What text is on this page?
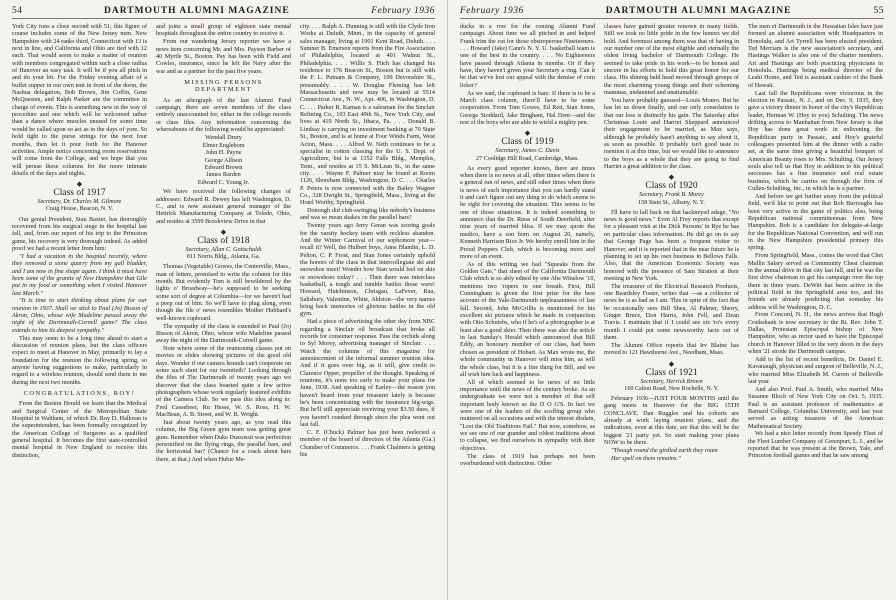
54	DARTMOUTH ALUMNI MAGAZINE	February 1936

York City runs a close second with 51; this figure of course includes some of the New Jersey men. New Hampshire with 24 ranks third, Connecticut with 13 is next in line, and California and Ohio are tied with 12 each. That would seem to make a matter of reunion with members congregated within such a close radius of Hanover an easy task. It will be if you all pitch in and do your bit. For the Friday evening affair of a buffet supper in our own tent in front of the dorm, the Nashua delegation, Bob Brown, Jim Coffin, Gene McQuesten, and Ralph Parker are the committee in charge of events. This is something new in the way of procedure and one which will be welcomed rather than a dance where muscles unused for some time would be called upon so act as in the days of yore. So hold tight to the purse strings for the next four months, then let it pour forth for the Hanover activities. Ample notice concerning room reservations will come from the College, and we hope that you will peruse these columns for the more intimate details of the days and nights.

◆
Class of 1917
Secretary, Dr. Charles M. Gilmore
Craig House, Beacon, N. Y.

Our genial President, Stan Baxter, has thoroughly recovered from his surgical siege in the hospital last fall, and, from our report of his trip to the Princeton game, his recovery is very thorough indeed. As added proof we had a recent letter from him:

"I had a vacation in the hospital recently, where they removed a stone quarry from my gall bladder, and I am now in fine shape again. I think it must have been some of the granite of New Hampshire that Gile put in my food or something when I visited Hanover last March."

"It is time to start thinking about plans for our reunion in 1937. Shall we stick to Paul (Jo) Bisson of Akron, Ohio, whose wife Madeline passed away the night of the Dartmouth-Cornell game? The class extends to him its deepest sympathy."

This may seem to be a long time ahead to start a discussion of reunion plans, but the class officers expect to meet at Hanover in May, primarily to lay a foundation for the reunion the following spring, so anyone having suggestions to make, particularly in regard to a wireless reunion, should send them to me during the next two months.

CONGRATULATIONS, ROY!

From the Boston Herald we learn that the Medical and Surgical Center of the Metropolitan State Hospital in Waltham, of which Dr. Roy D. Halloran is the superintendent, has been formally recognized by the American College of Surgeons as a qualified general hospital. It becomes the first state-controlled mental hospital in New England to receive this distinction,

and joins a small group of eighteen state mental hospitals throughout the entire country to receive it.

From our wandering Jersey reporter we have a news item concerning Mr. and Mrs. Payson Barber of 40 Myrtle St., Boston. Pay has been with Field and Cowles, insurance, since he left the Navy after the war and as a partner for the past five years.

MISSING PERSONS DEPARTMENT

As an aftergraph of the last Alumni Fund campaign, there are seven members of the class entirely unaccounted for, either in the college records or class files. Any information concerning the whereabouts of the following would be appreciated:

Wendall Drury
Elmer Englebom
John H. Payne
George Allison
Edward Brown
James Rarden
Edward C. Young Jr.

We have received the following changes of addresses: Edward R. Dewey has left Washington, D. C., and is now assistant general manager of the Hettrick Manufacturing Company at Toledo, Ohio, and resides at 3599 Brookview Drive in that

◆
Class of 1918
Secretary, Allan C. Gottschaldt
811 Norris Bldg., Atlanta, Ga.

Thomas (Vegetable) Gowes, the Centerville, Mass., man of letters, promised to write the column for this month. But evidently Tom is still bewildered by the lights o' Broadway—he's supposed to be seeking some sort of degree at Columbia—for we haven't had a peep out of him. So we'll have to plug along, even though the file o' news resembles Mother Hubbard's well-known cupboard.

The sympathy of the class is extended to Paul (Jo) Bisson of Akron, Ohio, whose wife Madeline passed away the night of the Dartmouth-Cornell game.

Note where some of the reunioning classes put on movies or slides showing pictures of the good old days. Wonder if our camera hounds can't cooperate on some such stunt for our twentieth? Looking through the files of The Dartmouth of twenty years ago we discover that the class boasted quite a few active photographers whose work regularly featured exhibits of the Camera Club. So we pass this idea along to: Fred Cassebeer, Ru Hesse, W. S. Ross, H. W. MacBean, A. B. Street, and W. B. Wright.

Just about twenty years ago, as you read this column, the Big Green gym team was getting great guns. Remember when Duke Dussossit was perfection personified on the flying rings, the parallel bars, and the horizontal bar? (Chance for a crack about bars there, at that.) And when Hubie Me-

city. . . . Ralph A. Dunning is still with the Clyde Iron Works at Duluth, Minn., in the capacity of general sales manager, living at 1901 Kent Road, Duluth. . . . Sumner B. Emerson reports from the Fire Association of Philadelphia, located at 401 Walnut St., Philadelphia. . . . Willis S. Fitch has changed his residence to 176 Beacon St., Boston but is still with the F. L. Putnam & Company, 199 Devonshire St., presumably. . . . W. Douglas Fleming has left Massachusetts and now may be located at 5514 Connecticut Ave., N. W., Apt. 406, in Washington, D. C. . . . Parker R. Kaman is a salesman for the Sinclair Refining Co., 103 East 49th St., New York City, and lives at 419 North St., Ithaca, Pa. . . . Donald B. Lindsay is carrying on investment banking at 70 State St., Boston, and is at home at Four Winds Farm, West Acton, Mass. . . . Alfred W. Neth continues to be a specialist in cotton classing for the U. S. Dept. of Agriculture, but is at 1352 Falls Bldg., Memphis, Tenn., and resides at 15 S. McLean St., in the same city. . . . Wayne F. Palmer may be found at Room 1126, Shoreham Bldg., Washington, D. C. . . . Charles P. Peters is now connected with the Bailey Wagner Co., 328 Dwight St., Springfield, Mass., living at the Hotel Worthy, Springfield.

Donough did club-swinging like nobody's business and was so mean shakes on the parallel bars?

Twenty years ago Jerry Geran was scoring goals for the varsity hockey team with reckless abandon. And the Winter Carnival of our sophomore year—recall it? Well, the Hulbert boys, Anne Blandin, L. D. Pelton, C. P. Frost, and Stan Jones certainly uphold the honors of the class in that intercollegiate ski and snowshoe meet! Wonder how Stan would feel on skis or snowshoes today? . . . Then there was interclass basketball, a tough and tumble battles those were! Howard, Hutchinson, Chrisgau, LaFever, Rau, Salisbury, Valentine, White, Aldston—the very names bring back memories of glorious battles in the old gym.

Had a piece of advertising the other day from NBC regarding a Sinclair oil broadcast that broke all records for consumer response. Pass the orchids along to Syl Morey, advertising manager of Sinclair. . . . Watch the columns of this magazine for announcement of the informal summer reunion idea. And if it goes over big, as it will, give credit to Clarence Opper, propeller of the thought. Speaking of reunions, it's none too early to make your plans for June, 1938. And speaking of Earley—the reason you haven't heard from your treasurer lately is because he's been concentrating with the insurance big-wigs. But he'll still appreciate receiving your $3.50 dues, if you haven't cranked through since the plea went out last fall.

C. F. (Chuck) Palmer has just been reelected a member of the board of directors of the Atlanta (Ga.) Chamber of Commerce. . . . Frank Chalmers is getting his

February 1936	DARTMOUTH ALUMNI MAGAZINE	55

ducks in a row for the coming Alumni Fund campaign. About time we all pitched in and helped Frank trim the cut for those obstreperous Nineteeners. . . . Howard (Jake) Cann's N. Y. U. basketball team is one of the best in the country. . . . No Eighteeners have passed through Atlanta in months. Or if they have, they haven't given your Secretary a ring. Can it be that we've lost our appeal with the demise of corn licker?

As we said, the cupboard is bare. If there is to be a March class column, there'll have to be some cooperation. From Tom Gowes, Ed Reit, Stan Jones, George Stoddard, Jake Bingham, Hal Dent—and the rest of the boys who are able to wield a mighty pen.

◆
Class of 1919
Secretary, James C. Davis
27 Coolidge Hill Road, Cambridge, Mass.

As every good reporter knows, there are times when there is no news at all, other times when there is a general run of news, and still other times when there is news of such importance that you can hardly stand it and can't figure out any thing to do which seems to be right for covering the situation. This seems to be one of those situations. It is indeed something to announce that the Dr. Riess of South Deerfield, after nine years of married bliss. If we may quote the medico, have a son born on August 20, namely, Kenneth Harrison Rice Jr. We hereby enroll him in the Proud Poppers Club, which is becoming more and more of an event.

As of this writing we had "Squeaks from the Golden Gate," that sheet of the California Dartmouth Club which is so ably edited by one Abe Winslow '10, mentions two 'ropers in one breath. First, Bill Cunningham is given the first prize for the best account of the Yale-Dartmouth unpleasantness of last fall. Second, John McGrillis is mentioned for his excellent ski pictures which he made in conjunction with Otto Schniebs, who if he's of a photographer is at least also a good skier. Then there was also the article in last Sunday's Herald which announced that Bill Eddy, an honorary member of our class, had been chosen as president of Hobart. As Max wrote me, the whole community in Hanover will miss him, as will the whole class, but it is a fine thing for Bill, and we all wish him luck and happiness.

All of which seemed to be news of no little importance until the news of the century broke. As an undergraduate we were not a member of that self important body known as the D O G'S. In fact we were one of the leaders of the scoffing group who muttered on all occasions and with the utmost disdain, "Lest the Old Traditions Fail." But now, somehow, as we see one of our grander and oldest traditions about to collapse, we find ourselves in sympathy with their objectives.

The class of 1919 has perhaps not been overburdened with distinction. Other

classes have gained greater renown in many fields. Still we took no little pride in the few honors we did hold. And foremost among them was that of having in our number one of the most eligible and eternally the oldest living bachelor of Dartmouth College. He seemed to take pride in his work—to be honest and sincere in his efforts to hold this great honor for our class. His shining bald head moved through groups of the most charming young things and their scheming mammas, undaunted and unattainable.

You have probably guessed—Louis Monro. But he has let us down finally, and our only consolation is that our loss is distinctly his gain. The Saturday after Christmas Louie and Harriet Sheppard announced their engagement to be married, as Max says, although he probably hasn't anything to say about it, as soon as possible. It probably isn't good taste to mention it at this time, but we would like to announce to the boys as a whole that they are going to find Harriet a great addition to the class.

◆
Class of 1920
Secretary, Frank B. Morey
158 State St., Albany, N. Y.

I'll have to fall back on that hackneyed adage, "No news is good news." Even Al Frey reports that except for a pleasant visit at the Dick Parsons' in Rye he has no particular class information. He did go on to say that George Page has been a frequent visitor to Hanover, and it is reported that in the near future he is planning to set up his own business in Bellows Falls. Also, that the American Economic Society was honored with the presence of Sam Stratton at their meeting in New York.

The treasurer of the Electrical Research Products, one Beardsley Foster, writes that —as a collector of news he is as bad as I am. This in spite of the fact that he occasionally sees Bill Shea, Al Palmer, Sherry, Ginger Bruce, Don Harris, John Fell, and Dean Travis. I maintain that if I could see six 'ro's every month I could put some newsworthy facts out of them.

The Alumni Office reports that Irv Blaine has moved to 121 Hawthorne Ave., Needham, Mass.

◆
Class of 1921
Secretary, Herrick Brown
160 Calton Road, New Rochelle, N. Y.

February 1936—JUST FOUR MONTHS until the gang meets in Hanover for the BIG 15TH CONCLAVE. Dan Ruggles and his cohorts are already at work laying reunion plans, and the indications, even at this date, are that this will be the biggest '21 party yet. So start making your plans NOW to be there.

"Though round the girdled earth they roam

Her spell on them remains."

The men of Dartmouth in the Hawaiian Isles have just formed an alumni association with Headquarters in Honolulu, and Art Tyrrell has been elected president. Ted Merriam is the new association's secretary, and Hastings Walker is also one of the charter members. Art and Hastings are both practicing physicians in Honolulu. Hastings being medical director of the Leahi Home, and Ted is assistant cashier of the Bank of Hawaii.

Last fall the Republicans were victorious in the election in Passaic, N. J., and on Dec. 9, 1935, they gave a victory dinner in honor of the city's Republican leader, Herman W. (Hoy to you) Schulting. The news drifting across to Manhattan from New Jersey is that Hoy has done great work in enlivening the Republican party in Passaic, and Hoy's grateful colleagues presented him at the dinner with a radio set, at the same time giving a beautiful bouquet of American Beauty roses to Mrs. Schulting. Our Jersey souls also tell us that Hoy in addition to his political successes has a fine insurance and real estate business, which he carries on through the firm of Cullen-Schulting, Inc., in which he is a partner.

And before we get further away from the political field, we'd like to point out that Bob Burroughs has been very active in the game of politics also, being Republican national committeeman from New Hampshire. Bob is a candidate for delegate-at-large for the Republican National Convention, and will run in the New Hampshire presidential primary this spring.

From Springfield, Mass., comes the word that Chet Mullin Salary served as Community Chest chairman in the annual drive in that city last fall, and he was the first drive chairman to get his campaign over the top there in three years. DeWitt has been active in the political field in the Springfield area too, and his friends are already predicting that someday his address will be Washington, D. C.

From Concord, N. H., the news arrives that Hugh Cruikshank is now secretary to the Rt. Rev. John T. Dallas, Protestant Episcopal bishop of New Hampshire, who as rector used to have the Episcopal church in Hanover filled to the very doors in the days when '21 strode the Dartmouth campus.

Add to the list of recent benedicts, Dr. Daniel E. Kavanaugh, physician and surgeon of Belleville, N. J., who married Miss Elizabeth M. Curren of Belleville last year.

And also Prof. Paul A. Smith, who married Miss Susanne Bloch of New York City on Oct. 5, 1935. Paul is an assistant professor of mathematics at Barnard College, Columbia University, and last year served as acting treasurer of the American Mathematical Society.

We had a nice letter recently from Speedy Fleet of the Fleet Lumber Company of Greenport, L. I., and he reported that he was present at the Brown, Yale, and Princeton football games and that he saw among
